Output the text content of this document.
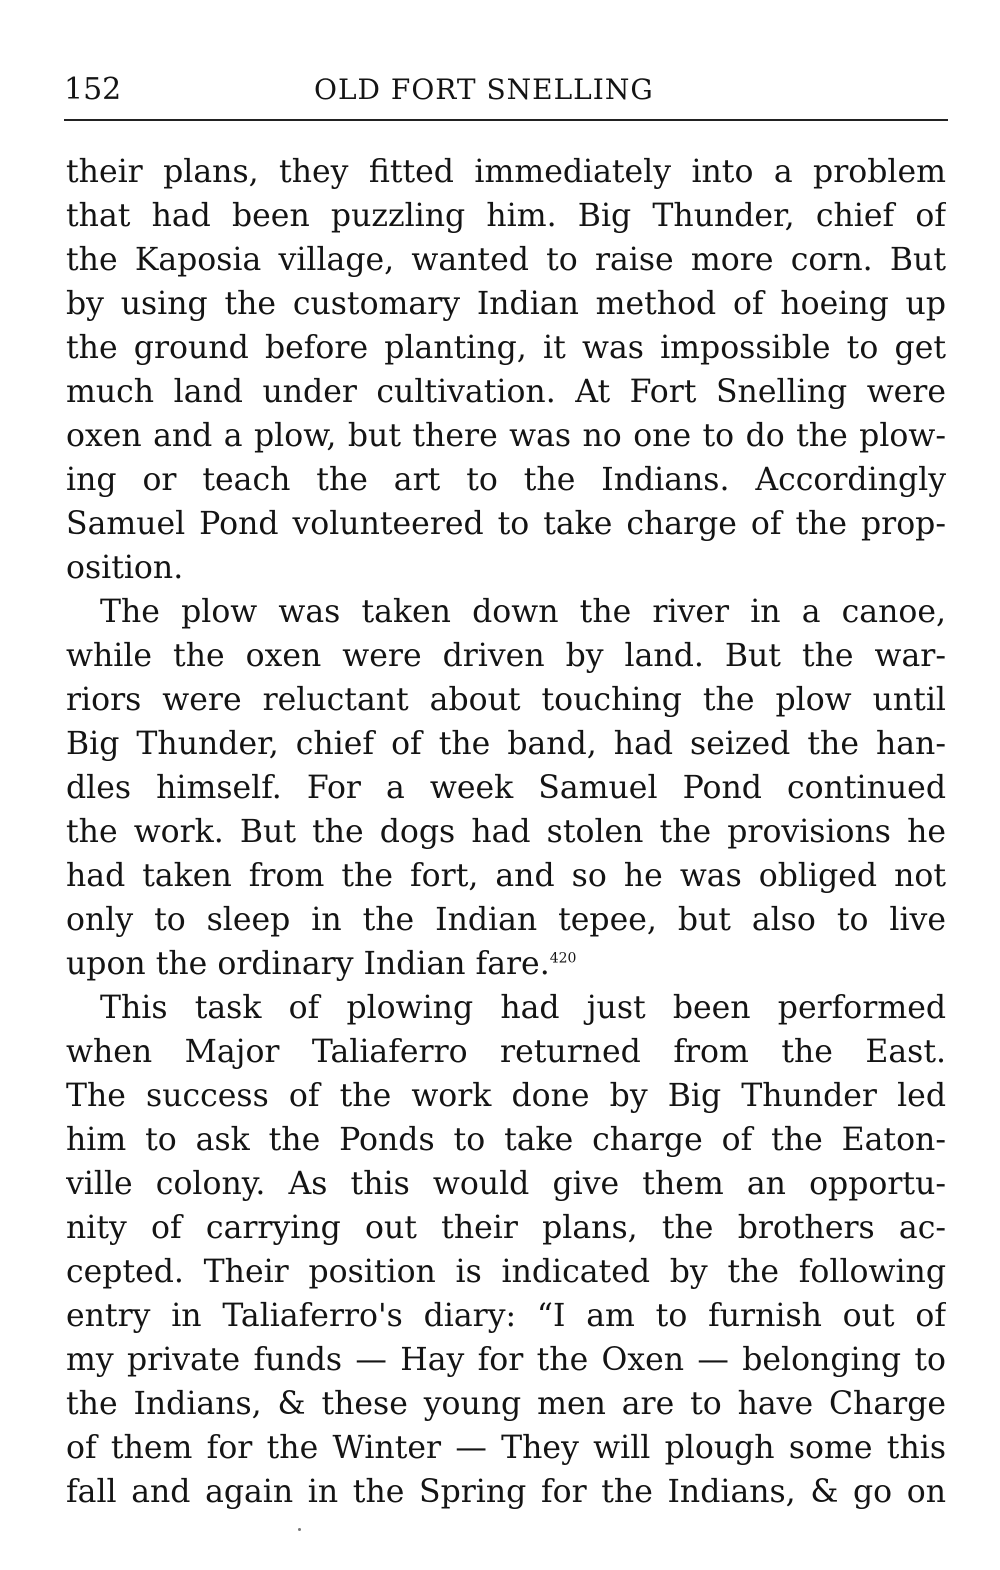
152	OLD FORT SNELLING
their plans, they fitted immediately into a problem
that had been puzzling him. Big Thunder, chief of
the Kaposia village, wanted to raise more corn. But
by using the customary Indian method of hoeing up
the ground before planting, it was impossible to get
much land under cultivation. At Fort Snelling were
oxen and a plow, but there was no one to do the plow-
ing or teach the art to the Indians. Accordingly
Samuel Pond volunteered to take charge of the prop-
osition.
The plow was taken down the river in a canoe,
while the oxen were driven by land. But the war-
riors were reluctant about touching the plow until
Big Thunder, chief of the band, had seized the han-
dles himself. For a week Samuel Pond continued
the work. But the dogs had stolen the provisions he
had taken from the fort, and so he was obliged not
only to sleep in the Indian tepee, but also to live
upon the ordinary Indian fare.$^{420}$
This task of plowing had just been performed
when Major Taliaferro returned from the East.
The success of the work done by Big Thunder led
him to ask the Ponds to take charge of the Eaton-
ville colony. As this would give them an opportu-
nity of carrying out their plans, the brothers ac-
cepted. Their position is indicated by the following
entry in Taliaferro's diary: “I am to furnish out of
my private funds — Hay for the Oxen — belonging to
the Indians, & these young men are to have Charge
of them for the Winter — They will plough some this
fall and again in the Spring for the Indians, & go on
